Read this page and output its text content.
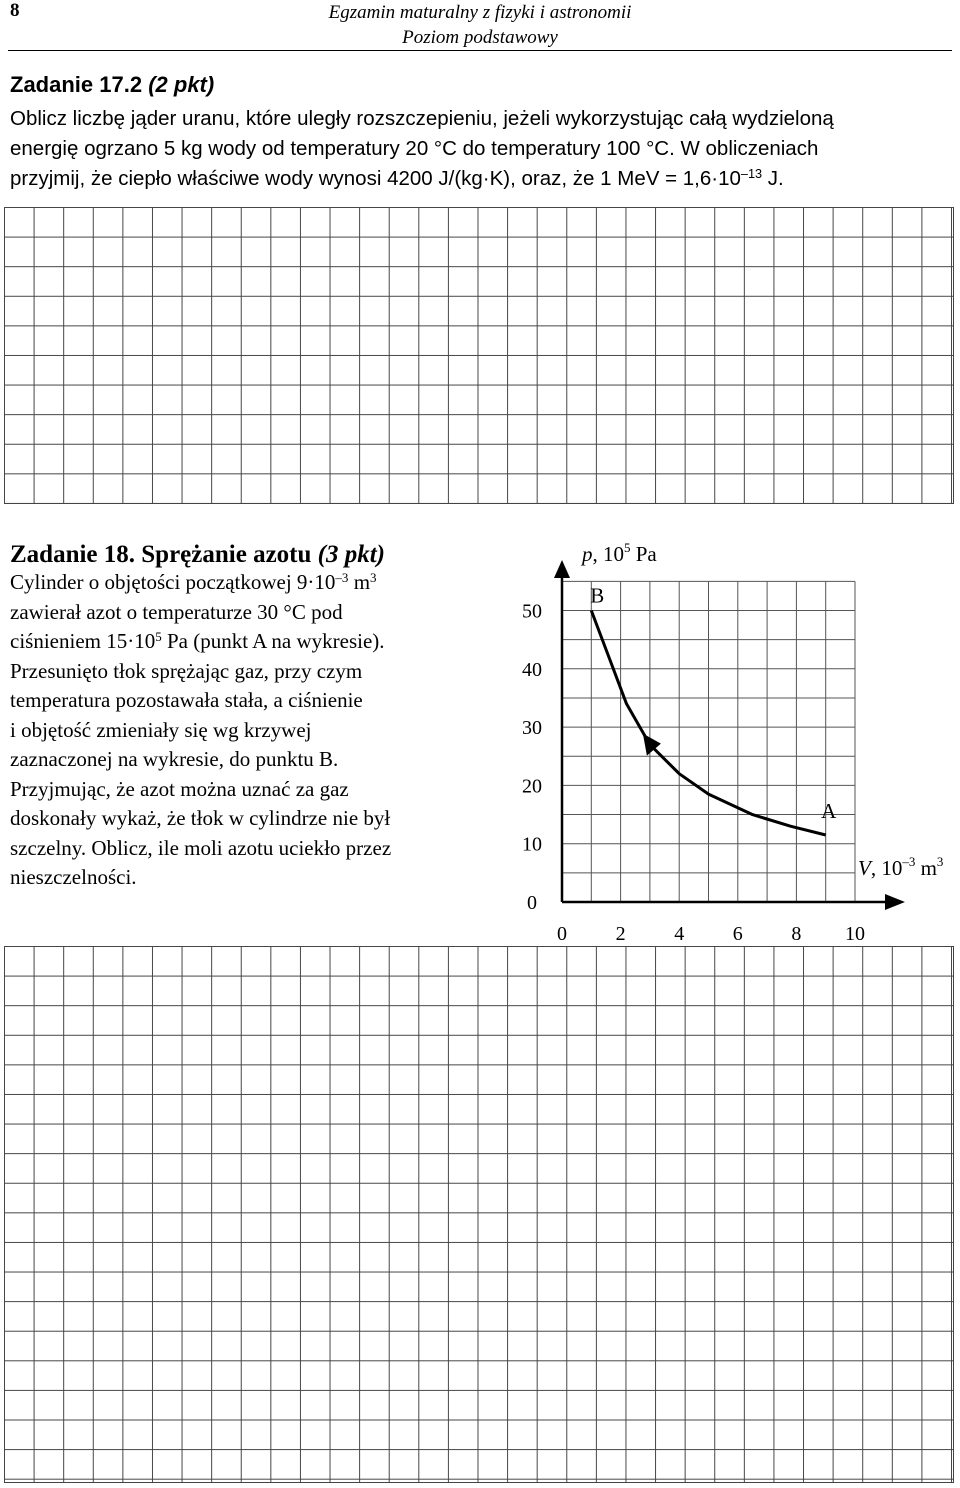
8	Egzamin maturalny z fizyki i astronomii
Poziom podstawowy
Zadanie 17.2 (2 pkt)
Oblicz liczbę jąder uranu, które uległy rozszczepieniu, jeżeli wykorzystując całą wydzieloną
energię ogrzano 5 kg wody od temperatury 20 °C do temperatury 100 °C. W obliczeniach
przyjmij, że ciepło właściwe wody wynosi 4200 J/(kg·K), oraz, że 1 MeV = $1,6\cdot 10^{-13}$ J.
Zadanie 18. Sprężanie azotu (3 pkt)
Cylinder o objętości początkowej $9\cdot 10^{-3}$ $m^3$
zawierał azot o temperaturze 30 °C pod
ciśnieniem $15\cdot 10^5$ Pa (punkt A na wykresie).
Przesunięto tłok sprężając gaz, przy czym
temperatura pozostawała stała, a ciśnienie
i objętość zmieniały się wg krzywej
zaznaczonej na wykresie, do punktu B.
Przyjmując, że azot można uznać za gaz
doskonały wykaż, że tłok w cylindrze nie był
szczelny. Oblicz, ile moli azotu uciekło przez
nieszczelności.
0 2 4 6 8 10
0
10
20
30
40
50
p, $10^5$ Pa
V, $10^{-3}$ $m^3$
A
B
